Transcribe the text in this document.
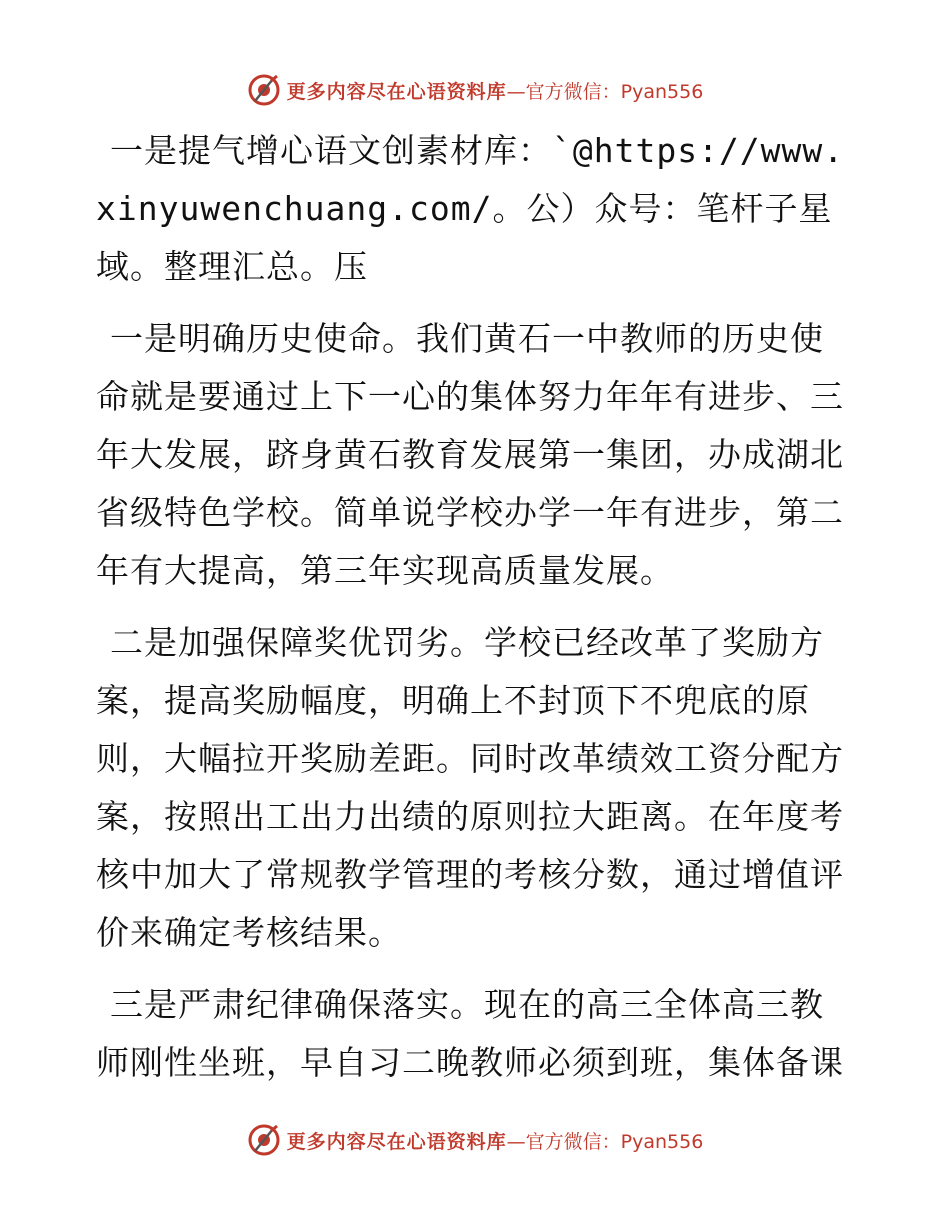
更多内容尽在心语资料库 —官方微信：Pyan556

一是提气增心语文创素材库：`@https://www.xinyuwenchuang.com/。公）众号：笔杆子星域。整理汇总。压

一是明确历史使命。我们黄石一中教师的历史使命就是要通过上下一心的集体努力年年有进步、三年大发展，跻身黄石教育发展第一集团，办成湖北省级特色学校。简单说学校办学一年有进步，第二年有大提高，第三年实现高质量发展。

二是加强保障奖优罚劣。学校已经改革了奖励方案，提高奖励幅度，明确上不封顶下不兜底的原则，大幅拉开奖励差距。同时改革绩效工资分配方案，按照出工出力出绩的原则拉大距离。在年度考核中加大了常规教学管理的考核分数，通过增值评价来确定考核结果。

三是严肃纪律确保落实。现在的高三全体高三教师刚性坐班，早自习二晚教师必须到班，集体备课

更多内容尽在心语资料库 —官方微信：Pyan556
